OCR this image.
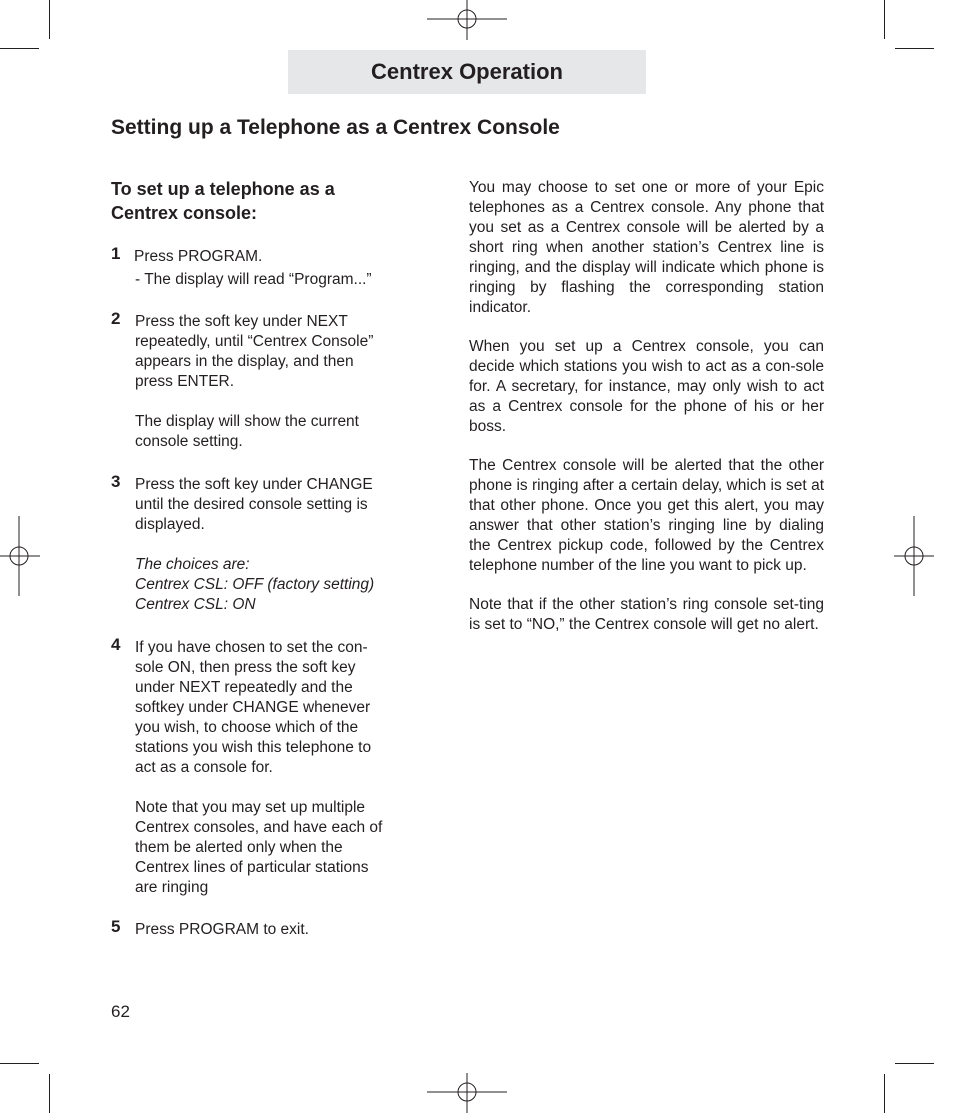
Centrex Operation
Setting up a Telephone as a Centrex Console

To set up a telephone as a
Centrex console:

1 Press PROGRAM.

- The display will read “Program...”

2 Press the soft key under NEXT

repeatedly, until “Centrex Console”

appears in the display, and then

press ENTER.

The display will show the current

console setting.

3 Press the soft key under CHANGE

until the desired console setting is

displayed.

The choices are:

Centrex CSL: OFF (factory setting)

Centrex CSL: ON

4 If you have chosen to set the con-

sole ON, then press the soft key

under NEXT repeatedly and the

softkey under CHANGE whenever

you wish, to choose which of the

stations you wish this telephone to

act as a console for.

Note that you may set up multiple

Centrex consoles, and have each of

them be alerted only when the

Centrex lines of particular stations

are ringing

5 Press PROGRAM to exit.

You may choose to set one or more of your Epic telephones as a Centrex console. Any phone that you set as a Centrex console will be alerted by a short ring when another station’s Centrex line is ringing, and the display will indicate which phone is ringing by flashing the corresponding station indicator.

When you set up a Centrex console, you can decide which stations you wish to act as a con-sole for. A secretary, for instance, may only wish to act as a Centrex console for the phone of his or her boss.

The Centrex console will be alerted that the other phone is ringing after a certain delay, which is set at that other phone. Once you get this alert, you may answer that other station’s ringing line by dialing the Centrex pickup code, followed by the Centrex telephone number of the line you want to pick up.

Note that if the other station’s ring console set-ting is set to “NO,” the Centrex console will get no alert.

62
